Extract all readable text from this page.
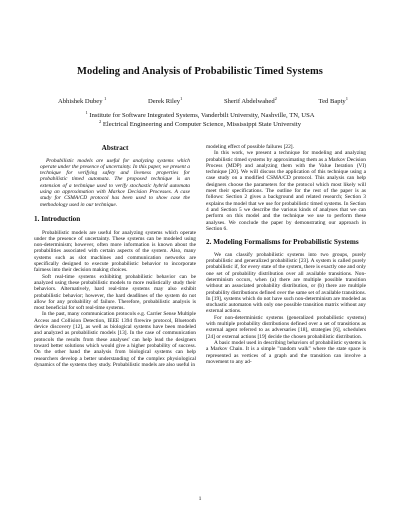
Modeling and Analysis of Probabilistic Timed Systems
Abhishek Dubey $^1$	Derek Riley$^1$	Sherif Abdelwahed$^2$	Ted Bapty$^1$
$^1$ Institute for Software Integrated Systems, Vanderbilt University, Nashville, TN, USA
$^2$ Electrical Engineering and Computer Science, Mississippi State University
Abstract

Probabilistic models are useful for analyzing systems which operate under the presence of uncertainty. In this paper, we present a technique for verifying safety and liveness properties for probabilistic timed automata. The proposed technique is an extension of a technique used to verify stochastic hybrid automata using an approximation with Markov Decision Processes. A case study for CSMA/CD protocol has been used to show case the methodology used in our technique.

1. Introduction

Probabilistic models are useful for analyzing systems which operate under the presence of uncertainty. These systems can be modeled using non-determinism; however, often more information is known about the probabilities associated with certain aspects of the system. Also, many systems such as slot machines and communication networks are specifically designed to execute probabilistic behavior to incorporate fairness into their decision making choices.

Soft real-time systems exhibiting probabilistic behavior can be analyzed using these probabilistic models to more realistically study their behaviors. Alternatively, hard real-time systems may also exhibit probabilistic behavior; however, the hard deadlines of the system do not allow for any probability of failure. Therefore, probabilistic analysis is most beneficial for soft real-time systems.

In the past, many communication protocols e.g. Carrier Sense Multiple Access and Collision Detection, IEEE 1394 firewire protocol, Bluetooth device discovery [12], as well as biological systems have been modeled and analyzed as probabilistic models [13]. In the case of communication protocols the results from these analyses' can help lead the designers toward better solutions which would give a higher probability of success. On the other hand the analysis from biological systems can help researchers develop a better understanding of the complex physiological dynamics of the systems they study. Probabilistic models are also useful in

modeling effect of possible failures [22].

In this work, we present a technique for modeling and analyzing probabilistic timed systems by approximating them as a Markov Decision Process (MDP) and analyzing them with the Value Iteration (VI) technique [20]. We will discuss the application of this technique using a case study on a modified CSMA/CD protocol. This analysis can help designers choose the parameters for the protocol which most likely will meet their specifications. The outline for the rest of the paper is as follows: Section 2 gives a background and related research; Section 3 explains the model that we use for probabilistic timed systems. In Section 4 and Section 5 we describe the various kinds of analyses that we can perform on this model and the technique we use to perform these analyses. We conclude the paper by demonstrating our approach in Section 6.

2. Modeling Formalisms for Probabilistic Systems

We can classify probabilistic systems into two groups, purely probabilistic and generalized probabilistic [23]. A system is called purely probabilistic if, for every state of the system, there is exactly one and only one set of probability distribution over all available transitions. Non-determinism occurs, when (a) there are multiple possible transition without an associated probability distribution, or (b) there are multiple probability distributions defined over the same set of available transitions. In [19], systems which do not have such non-determinism are modeled as stochastic automaton with only one possible transition matrix without any external actions.

For non-deterministic systems (generalized probabilistic systems) with multiple probability distributions defined over a set of transitions as external agent referred to as adversaries [18], strategies [6], schedulers [24] or external actions [19] decide the chosen probabilistic distribution.

A basic model used in describing behaviors of probabilistic systems is a Markov Chain. It is a simple "random walk" where the state space is represented as vertices of a graph and the transition can involve a movement to any ad-

1
